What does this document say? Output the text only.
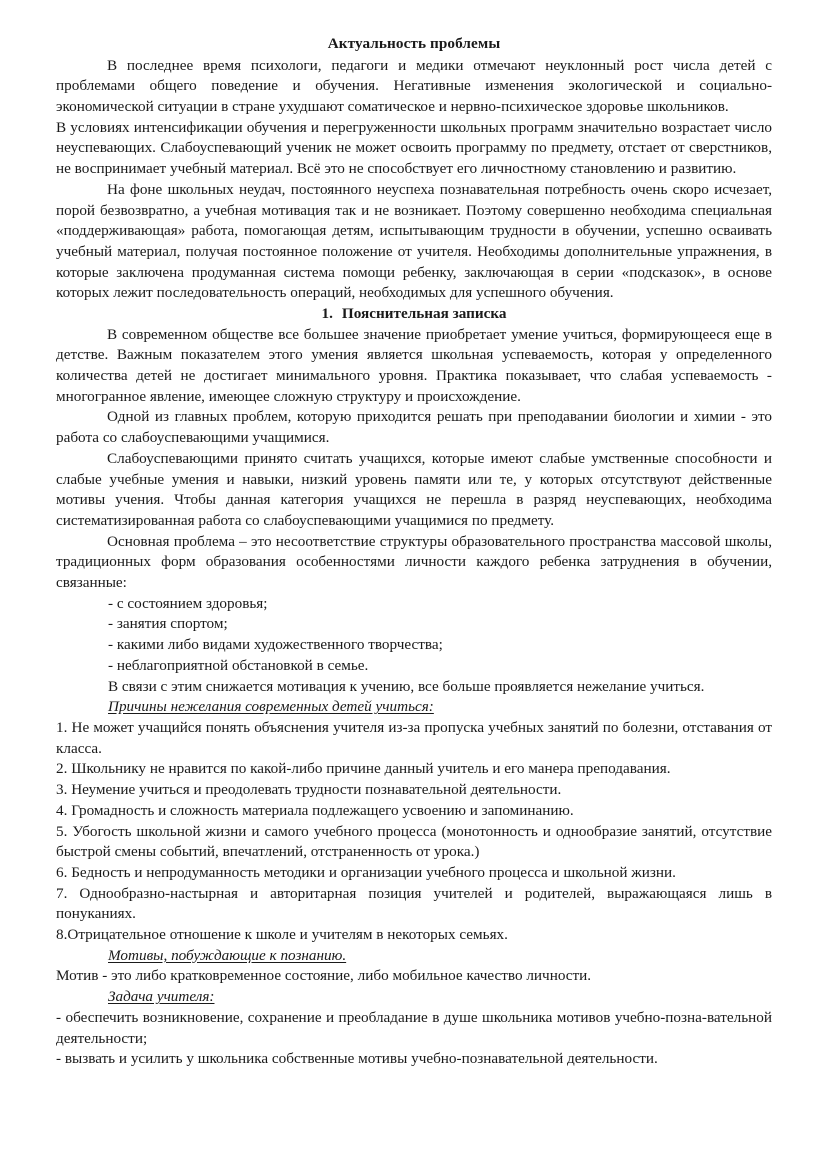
Актуальность проблемы

В последнее время психологи, педагоги и медики отмечают неуклонный рост числа детей с проблемами общего поведение и обучения. Негативные изменения экологической и социально-экономической ситуации в стране ухудшают соматическое и нервно-психическое здоровье школьников.

В условиях интенсификации обучения и перегруженности школьных программ значительно возрастает число неуспевающих. Слабоуспевающий ученик не может освоить программу по предмету, отстает от сверстников, не воспринимает учебный материал. Всё это не способствует его личностному становлению и развитию.

На фоне школьных неудач, постоянного неуспеха познавательная потребность очень скоро исчезает, порой безвозвратно, а учебная мотивация так и не возникает. Поэтому совершенно необходима специальная «поддерживающая» работа, помогающая детям, испытывающим трудности в обучении, успешно осваивать учебный материал, получая постоянное положение от учителя. Необходимы дополнительные упражнения, в которые заключена продуманная система помощи ребенку, заключающая в серии «подсказок», в основе которых лежит последовательность операций, необходимых для успешного обучения.

1. Пояснительная записка

В современном обществе все большее значение приобретает умение учиться, формирующееся еще в детстве. Важным показателем этого умения является школьная успеваемость, которая у определенного количества детей не достигает минимального уровня. Практика показывает, что слабая успеваемость - многогранное явление, имеющее сложную структуру и происхождение.

Одной из главных проблем, которую приходится решать при преподавании биологии и химии - это работа со слабоуспевающими учащимися.

Слабоуспевающими принято считать учащихся, которые имеют слабые умственные способности и слабые учебные умения и навыки, низкий уровень памяти или те, у которых отсутствуют действенные мотивы учения. Чтобы данная категория учащихся не перешла в разряд неуспевающих, необходима систематизированная работа со слабоуспевающими учащимися по предмету.

Основная проблема – это несоответствие структуры образовательного пространства массовой школы, традиционных форм образования особенностями личности каждого ребенка затруднения в обучении, связанные:

- с состоянием здоровья;

- занятия спортом;

- какими либо видами художественного творчества;

- неблагоприятной обстановкой в семье.

В связи с этим снижается мотивация к учению, все больше проявляется нежелание учиться.

Причины нежелания современных детей учиться:

1. Не может учащийся понять объяснения учителя из-за пропуска учебных занятий по болезни, отставания от класса.

2. Школьнику не нравится по какой-либо причине данный учитель и его манера преподавания.

3. Неумение учиться и преодолевать трудности познавательной деятельности.

4. Громадность и сложность материала подлежащего усвоению и запоминанию.

5. Убогость школьной жизни и самого учебного процесса (монотонность и однообразие занятий, отсутствие быстрой смены событий, впечатлений, отстраненность от урока.)

6. Бедность и непродуманность методики и организации учебного процесса и школьной жизни.

7. Однообразно-настырная и авторитарная позиция учителей и родителей, выражающаяся лишь в понуканиях.

8.Отрицательное отношение к школе и учителям в некоторых семьях.

Мотивы, побуждающие к познанию.

Мотив - это либо кратковременное состояние, либо мобильное качество личности.

Задача учителя:

- обеспечить возникновение, сохранение и преобладание в душе школьника мотивов учебно-позна-вательной деятельности;

- вызвать и усилить у школьника собственные мотивы учебно-познавательной деятельности.
